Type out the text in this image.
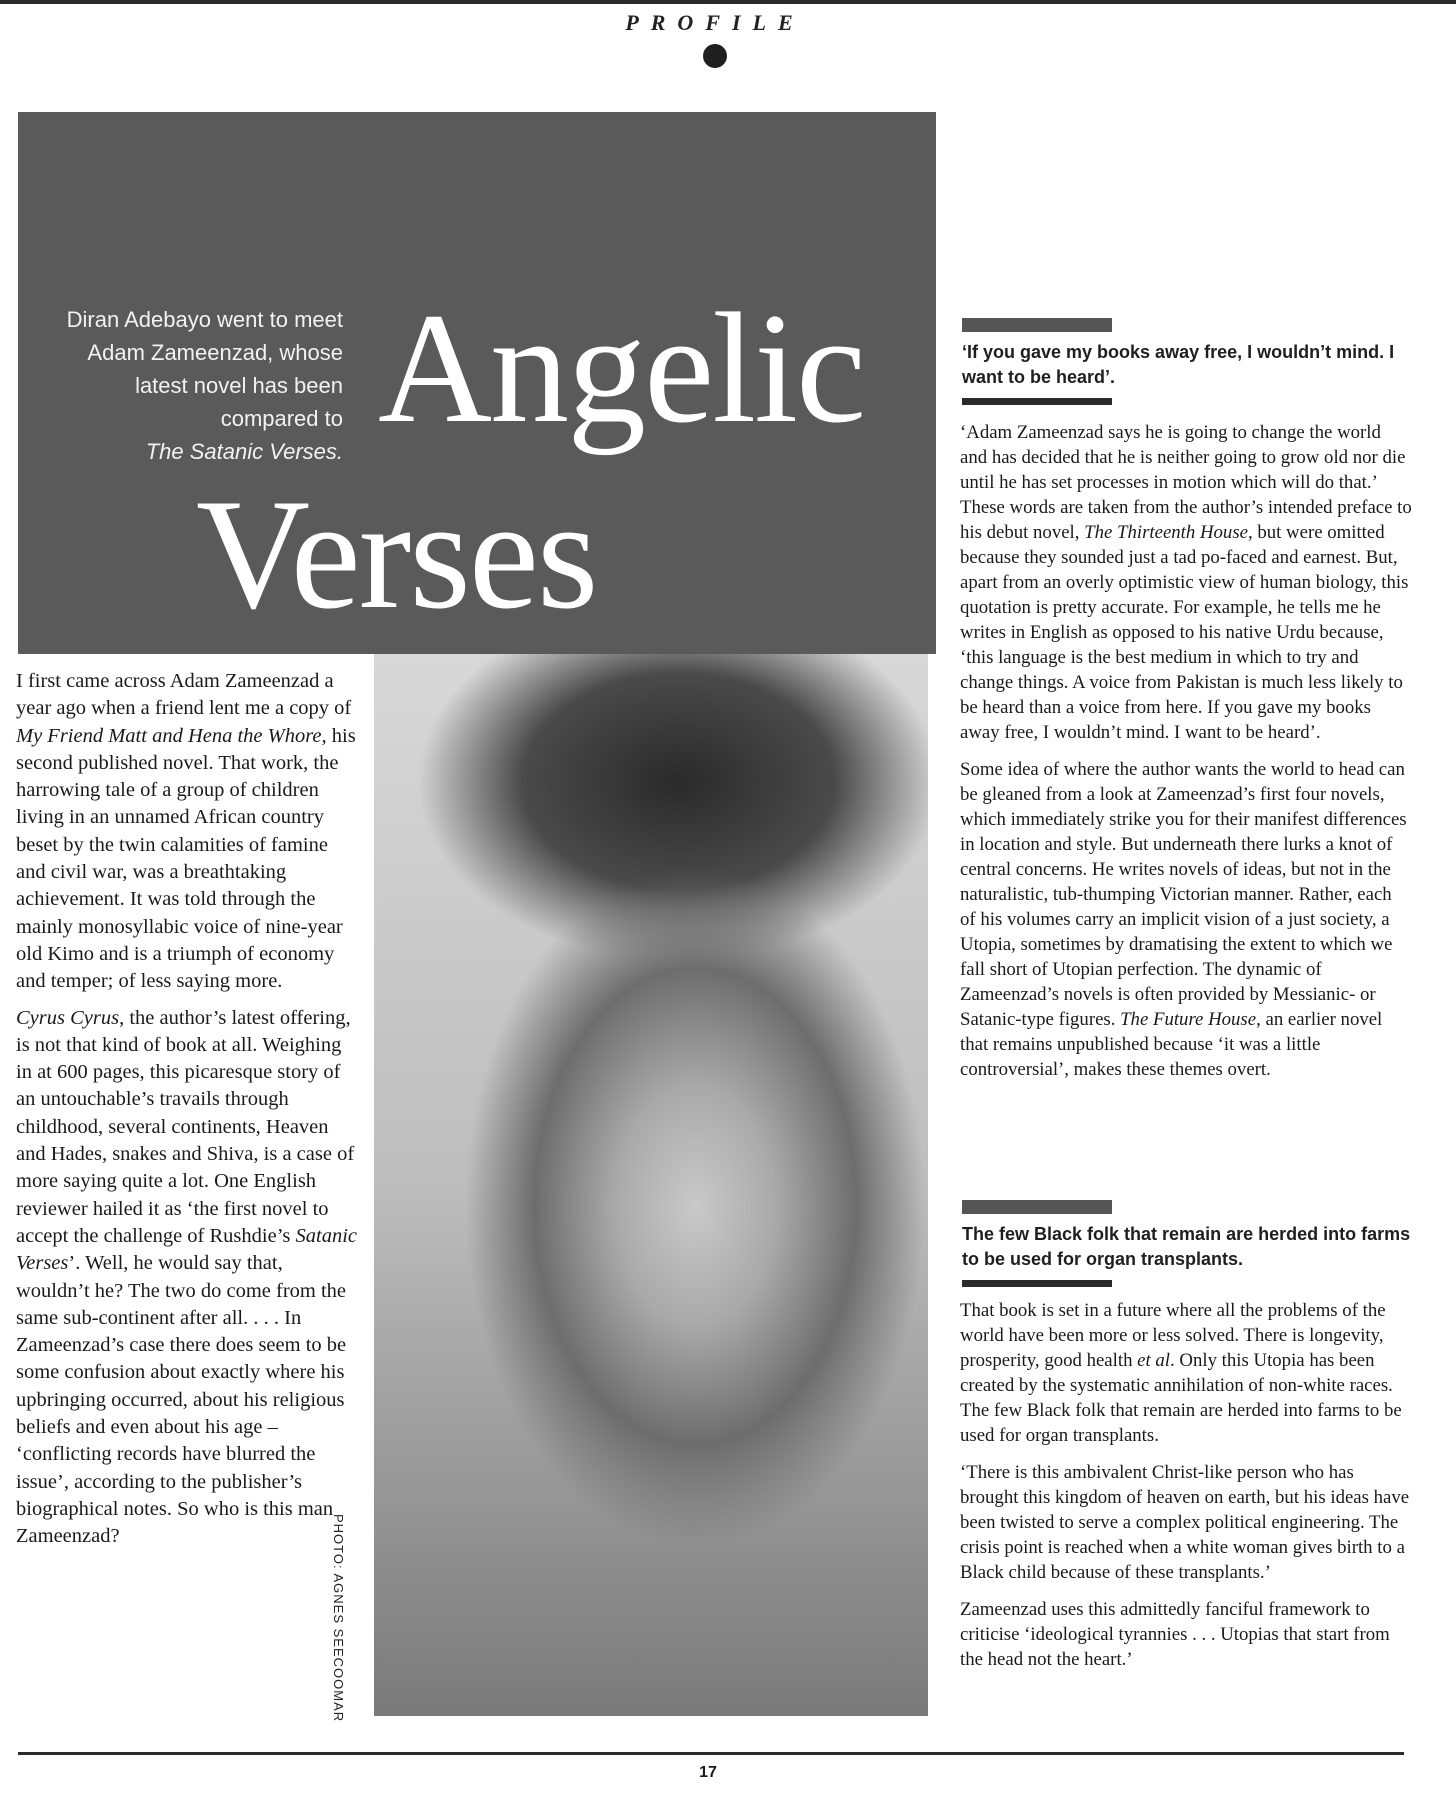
PROFILE
Diran Adebayo went to meet
Adam Zameenzad, whose
latest novel has been
compared to
The Satanic Verses. Angelic
Verses
PHOTO: AGNES SEECOOMAR

I first came across Adam Zameenzad a year ago when a friend lent me a copy of My Friend Matt and Hena the Whore, his second published novel. That work, the harrowing tale of a group of children living in an unnamed African country beset by the twin calamities of famine and civil war, was a breathtaking achievement. It was told through the mainly monosyllabic voice of nine-year old Kimo and is a triumph of economy and temper; of less saying more.

Cyrus Cyrus, the author’s latest offering, is not that kind of book at all. Weighing in at 600 pages, this picaresque story of an untouchable’s travails through childhood, several continents, Heaven and Hades, snakes and Shiva, is a case of more saying quite a lot. One English reviewer hailed it as ‘the first novel to accept the challenge of Rushdie’s Satanic Verses’. Well, he would say that, wouldn’t he? The two do come from the same sub-continent after all. . . . In Zameenzad’s case there does seem to be some confusion about exactly where his upbringing occurred, about his religious beliefs and even about his age – ‘conflicting records have blurred the issue’, according to the publisher’s biographical notes. So who is this man Zameenzad?

‘If you gave my books away free, I wouldn’t mind. I want to be heard’.

‘Adam Zameenzad says he is going to change the world and has decided that he is neither going to grow old nor die until he has set processes in motion which will do that.’ These words are taken from the author’s intended preface to his debut novel, The Thirteenth House, but were omitted because they sounded just a tad po-faced and earnest. But, apart from an overly optimistic view of human biology, this quotation is pretty accurate. For example, he tells me he writes in English as opposed to his native Urdu because, ‘this language is the best medium in which to try and change things. A voice from Pakistan is much less likely to be heard than a voice from here. If you gave my books away free, I wouldn’t mind. I want to be heard’.

Some idea of where the author wants the world to head can be gleaned from a look at Zameenzad’s first four novels, which immediately strike you for their manifest differences in location and style. But underneath there lurks a knot of central concerns. He writes novels of ideas, but not in the naturalistic, tub-thumping Victorian manner. Rather, each of his volumes carry an implicit vision of a just society, a Utopia, sometimes by dramatising the extent to which we fall short of Utopian perfection. The dynamic of Zameenzad’s novels is often provided by Messianic- or Satanic-type figures. The Future House, an earlier novel that remains unpublished because ‘it was a little controversial’, makes these themes overt.

The few Black folk that remain are herded into farms to be used for organ transplants.

That book is set in a future where all the problems of the world have been more or less solved. There is longevity, prosperity, good health et al. Only this Utopia has been created by the systematic annihilation of non-white races. The few Black folk that remain are herded into farms to be used for organ transplants.

‘There is this ambivalent Christ-like person who has brought this kingdom of heaven on earth, but his ideas have been twisted to serve a complex political engineering. The crisis point is reached when a white woman gives birth to a Black child because of these transplants.’

Zameenzad uses this admittedly fanciful framework to criticise ‘ideological tyrannies . . . Utopias that start from the head not the heart.’

17
